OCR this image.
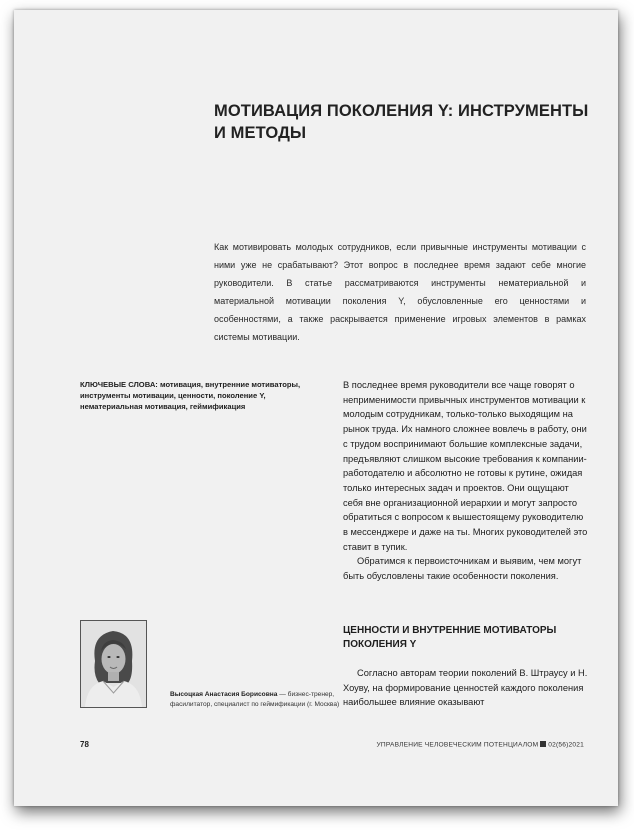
МОТИВАЦИЯ ПОКОЛЕНИЯ Y: ИНСТРУМЕНТЫ И МЕТОДЫ

Как мотивировать молодых сотрудников, если привычные инструменты мотивации с ними уже не срабатывают? Этот вопрос в последнее время задают себе многие руководители. В статье рассматриваются инструменты нематериальной и материальной мотивации поколения Y, обусловленные его ценностями и особенностями, а также раскрывается применение игровых элементов в рамках системы мотивации.

КЛЮЧЕВЫЕ СЛОВА: мотивация, внутренние мотиваторы, инструменты мотивации, ценности, поколение Y, нематериальная мотивация, геймификация

В последнее время руководители все чаще говорят о неприменимости привычных инструментов мотивации к молодым сотрудникам, только-только выходящим на рынок труда. Их намного сложнее вовлечь в работу, они с трудом воспринимают большие комплексные задачи, предъявляют слишком высокие требования к компании-работодателю и абсолютно не готовы к рутине, ожидая только интересных задач и проектов. Они ощущают себя вне организационной иерархии и могут запросто обратиться с вопросом к вышестоящему руководителю в мессенджере и даже на ты. Многих руководителей это ставит в тупик.

Обратимся к первоисточникам и выявим, чем могут быть обусловлены такие особенности поколения.

ЦЕННОСТИ И ВНУТРЕННИЕ МОТИВАТОРЫ ПОКОЛЕНИЯ Y

Согласно авторам теории поколений В. Штраусу и Н. Хоуву, на формирование ценностей каждого поколения наибольшее влияние оказывают

Высоцкая Анастасия Борисовна — бизнес-тренер, фасилитатор, специалист по геймификации (г. Москва)

78	УПРАВЛЕНИЕ ЧЕЛОВЕЧЕСКИМ ПОТЕНЦИАЛОМ 02(56)2021
